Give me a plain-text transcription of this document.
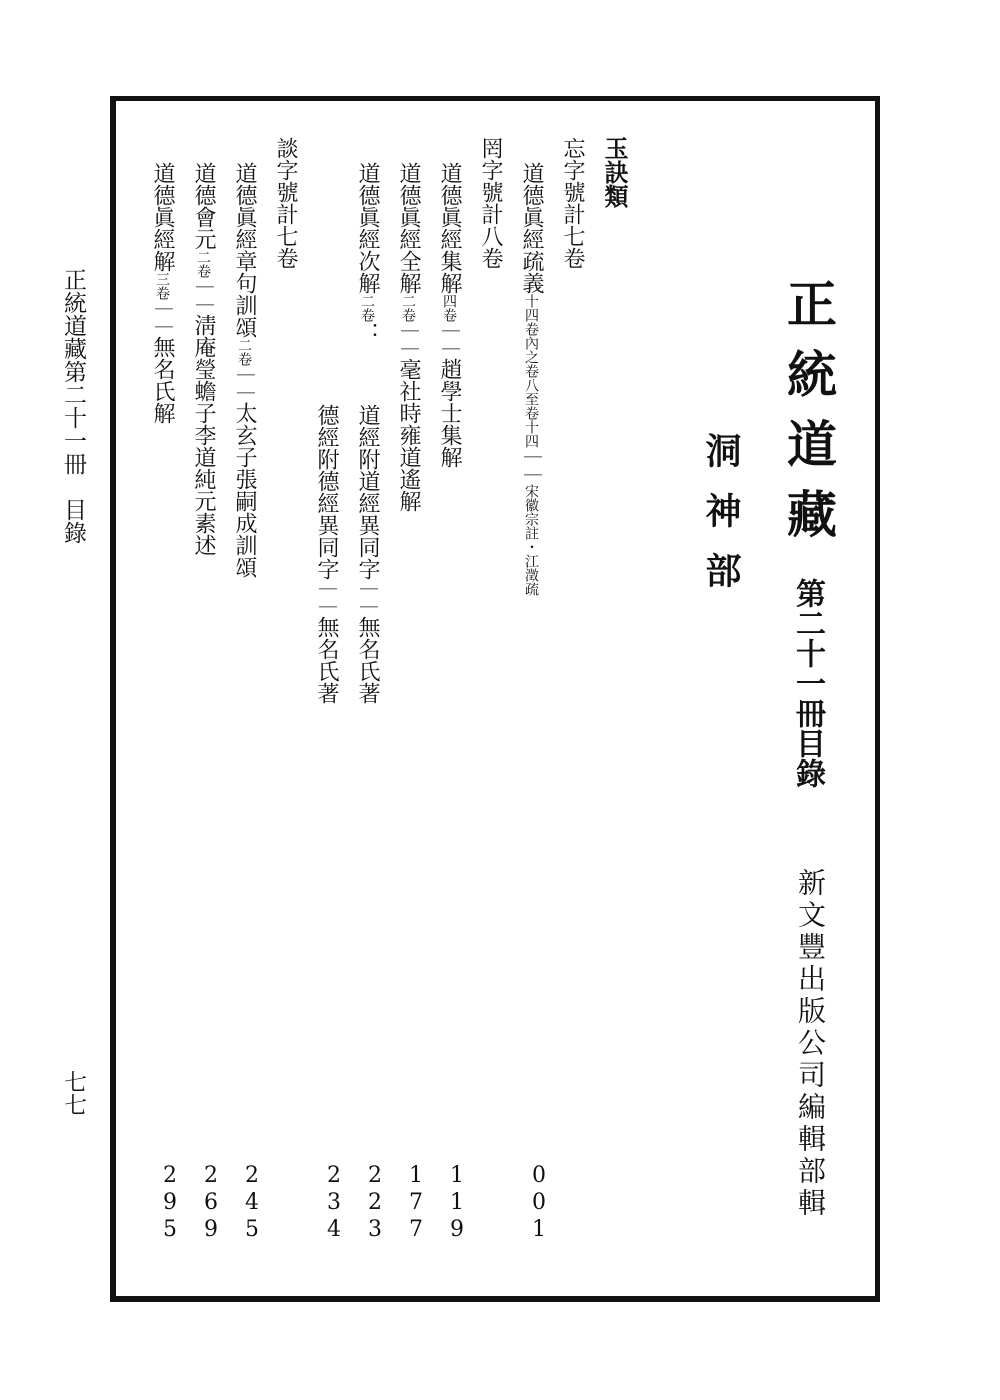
正統道藏
第二十一冊目錄
洞神部
新文豐出版公司編輯部輯
玉訣類
忘字號計七卷
罔字號計八卷
談字號計七卷	道德眞經疏義十四卷內之卷八至卷十四｜｜宋徽宗註・江澂疏
0
0
1
道德眞經集解四卷｜｜趙學士集解
1
1
9
道德眞經全解二卷｜｜毫社時雍道遙解
1
7
7
道德眞經次解二卷：
道經附道經異同字｜｜無名氏著
2
2
3
德經附德經異同字｜｜無名氏著
2
3
4
道德眞經章句訓頌二卷｜｜太玄子張嗣成訓頌
2
4
5
道德會元二卷｜｜淸庵瑩蟾子李道純元素述
2
6
9
道德眞經解三卷｜｜無名氏解
2
9
5
正統道藏第二十一冊　目錄
七七
